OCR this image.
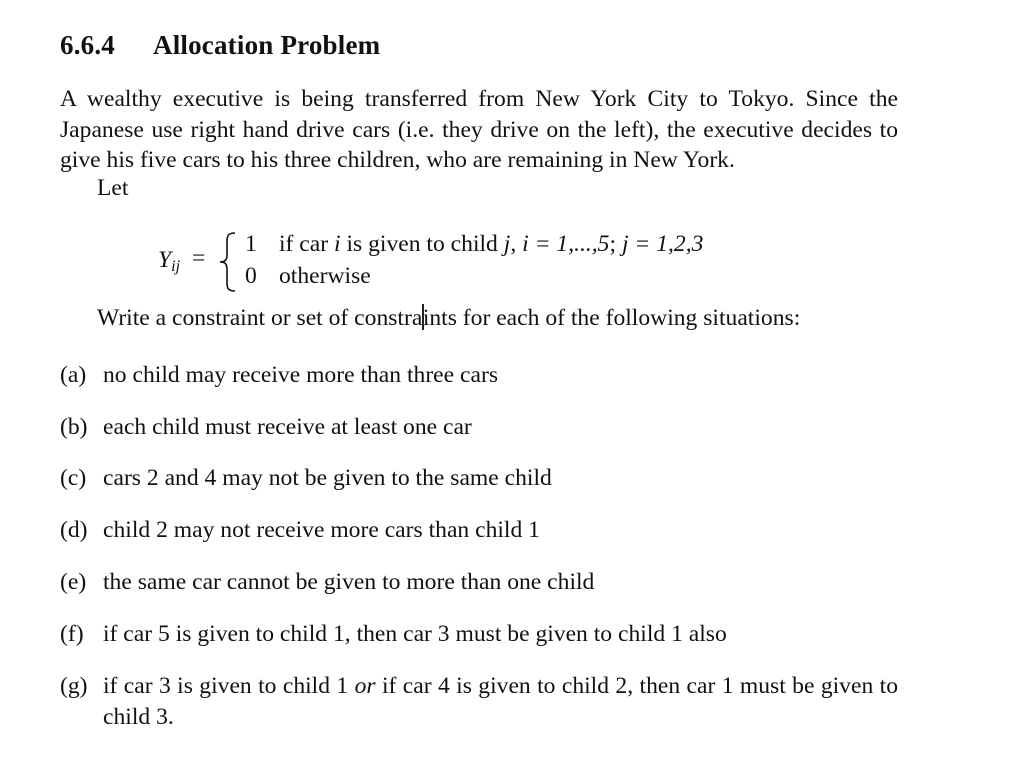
6.6.4 Allocation Problem
A wealthy executive is being transferred from New York City to Tokyo. Since the Japanese use right hand drive cars (i.e. they drive on the left), the executive decides to give his five cars to his three children, who are remaining in New York.
Let
$Y_{ij}$ =
1 if car i is given to child j, i = 1,...,5; j = 1,2,3
0 otherwise
Write a constraint or set of constraints for each of the following situations:
(a) no child may receive more than three cars
(b) each child must receive at least one car
(c) cars 2 and 4 may not be given to the same child
(d) child 2 may not receive more cars than child 1
(e) the same car cannot be given to more than one child
(f) if car 5 is given to child 1, then car 3 must be given to child 1 also
(g) if car 3 is given to child 1 or if car 4 is given to child 2, then car 1 must be given to child 3.
